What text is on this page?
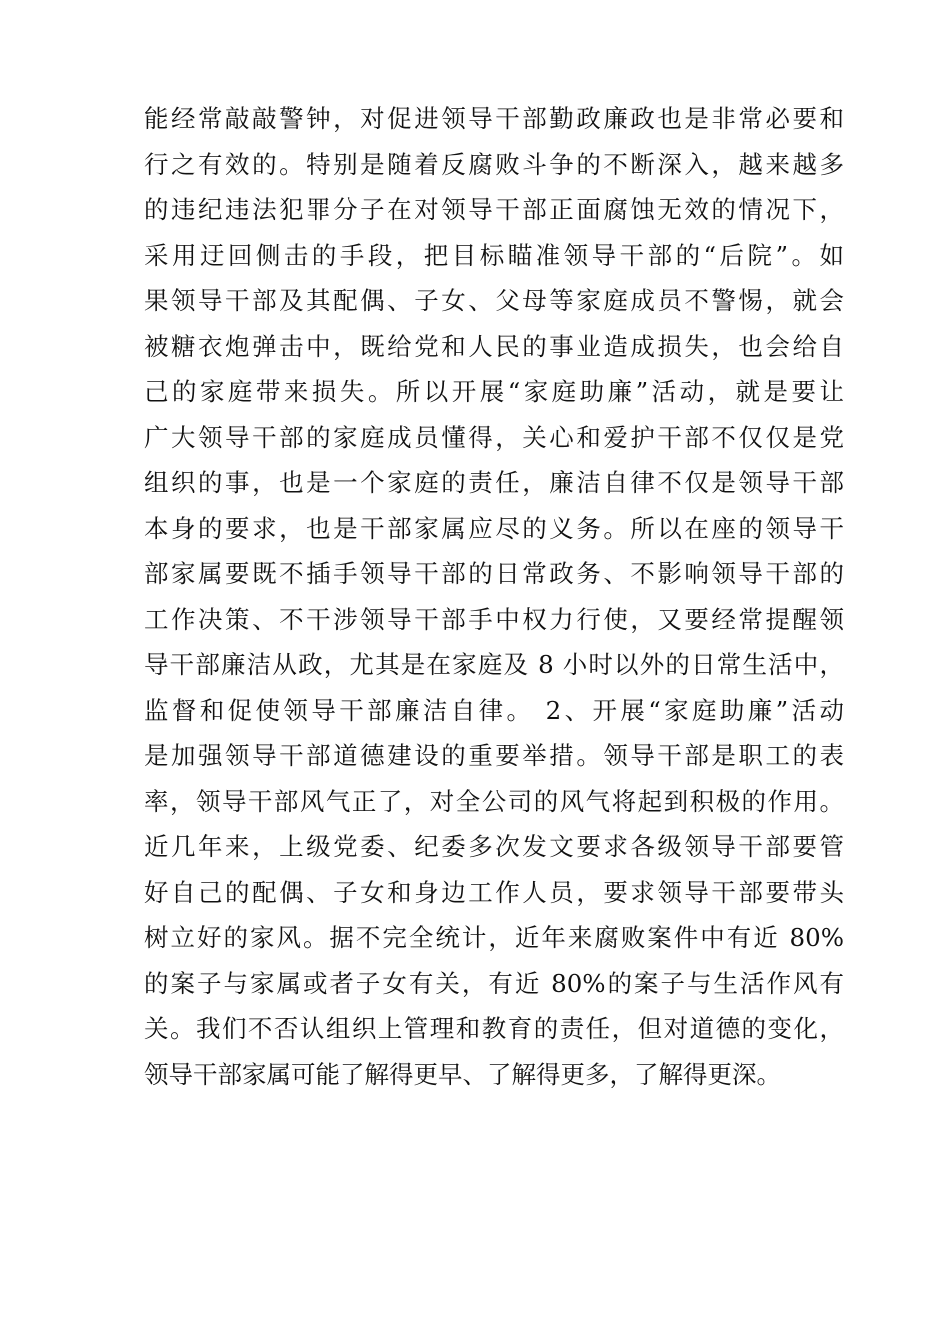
能经常敲敲警钟，对促进领导干部勤政廉政也是非常必要和
行之有效的。特别是随着反腐败斗争的不断深入，越来越多
的违纪违法犯罪分子在对领导干部正面腐蚀无效的情况下，
采用迂回侧击的手段，把目标瞄准领导干部的“后院”。如
果领导干部及其配偶、子女、父母等家庭成员不警惕，就会
被糖衣炮弹击中，既给党和人民的事业造成损失，也会给自
己的家庭带来损失。所以开展“家庭助廉”活动，就是要让
广大领导干部的家庭成员懂得，关心和爱护干部不仅仅是党
组织的事，也是一个家庭的责任，廉洁自律不仅是领导干部
本身的要求，也是干部家属应尽的义务。所以在座的领导干
部家属要既不插手领导干部的日常政务、不影响领导干部的
工作决策、不干涉领导干部手中权力行使，又要经常提醒领
导干部廉洁从政，尤其是在家庭及 8 小时以外的日常生活中，
监督和促使领导干部廉洁自律。 2、开展“家庭助廉”活动
是加强领导干部道德建设的重要举措。领导干部是职工的表
率，领导干部风气正了，对全公司的风气将起到积极的作用。
近几年来，上级党委、纪委多次发文要求各级领导干部要管
好自己的配偶、子女和身边工作人员，要求领导干部要带头
树立好的家风。据不完全统计，近年来腐败案件中有近 80%
的案子与家属或者子女有关，有近 80%的案子与生活作风有
关。我们不否认组织上管理和教育的责任，但对道德的变化，
领导干部家属可能了解得更早、了解得更多，了解得更深。
